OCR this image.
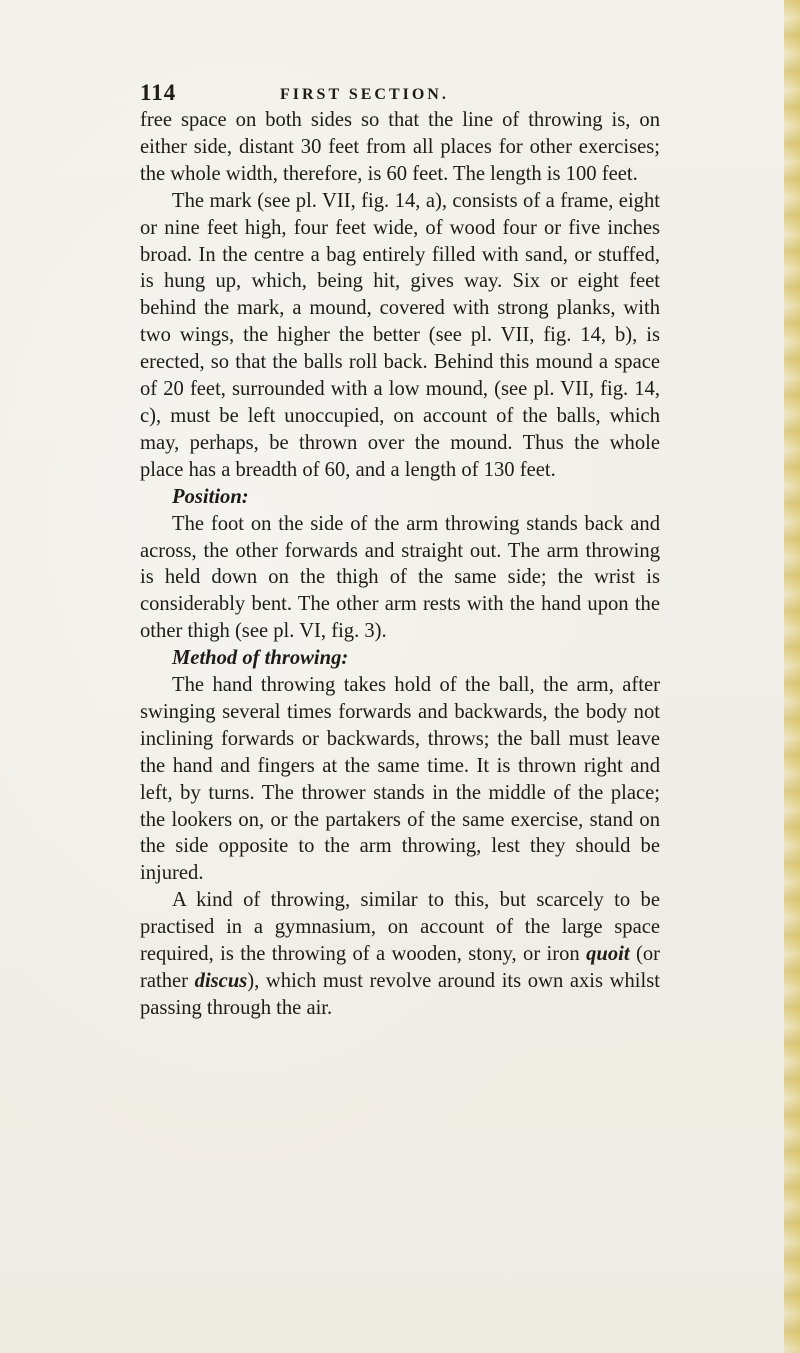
114	FIRST SECTION.

free space on both sides so that the line of throwing is, on either side, distant 30 feet from all places for other exercises; the whole width, therefore, is 60 feet. The length is 100 feet.

The mark (see pl. VII, fig. 14, a), consists of a frame, eight or nine feet high, four feet wide, of wood four or five inches broad. In the centre a bag entirely filled with sand, or stuffed, is hung up, which, being hit, gives way. Six or eight feet behind the mark, a mound, covered with strong planks, with two wings, the higher the better (see pl. VII, fig. 14, b), is erected, so that the balls roll back. Behind this mound a space of 20 feet, surrounded with a low mound, (see pl. VII, fig. 14, c), must be left unoccupied, on account of the balls, which may, perhaps, be thrown over the mound. Thus the whole place has a breadth of 60, and a length of 130 feet.

Position:

The foot on the side of the arm throwing stands back and across, the other forwards and straight out. The arm throwing is held down on the thigh of the same side; the wrist is considerably bent. The other arm rests with the hand upon the other thigh (see pl. VI, fig. 3).

Method of throwing:

The hand throwing takes hold of the ball, the arm, after swinging several times forwards and backwards, the body not inclining forwards or backwards, throws; the ball must leave the hand and fingers at the same time. It is thrown right and left, by turns. The thrower stands in the middle of the place; the lookers on, or the partakers of the same exercise, stand on the side opposite to the arm throwing, lest they should be injured.

A kind of throwing, similar to this, but scarcely to be practised in a gymnasium, on account of the large space required, is the throwing of a wooden, stony, or iron quoit (or rather discus), which must revolve around its own axis whilst passing through the air.
